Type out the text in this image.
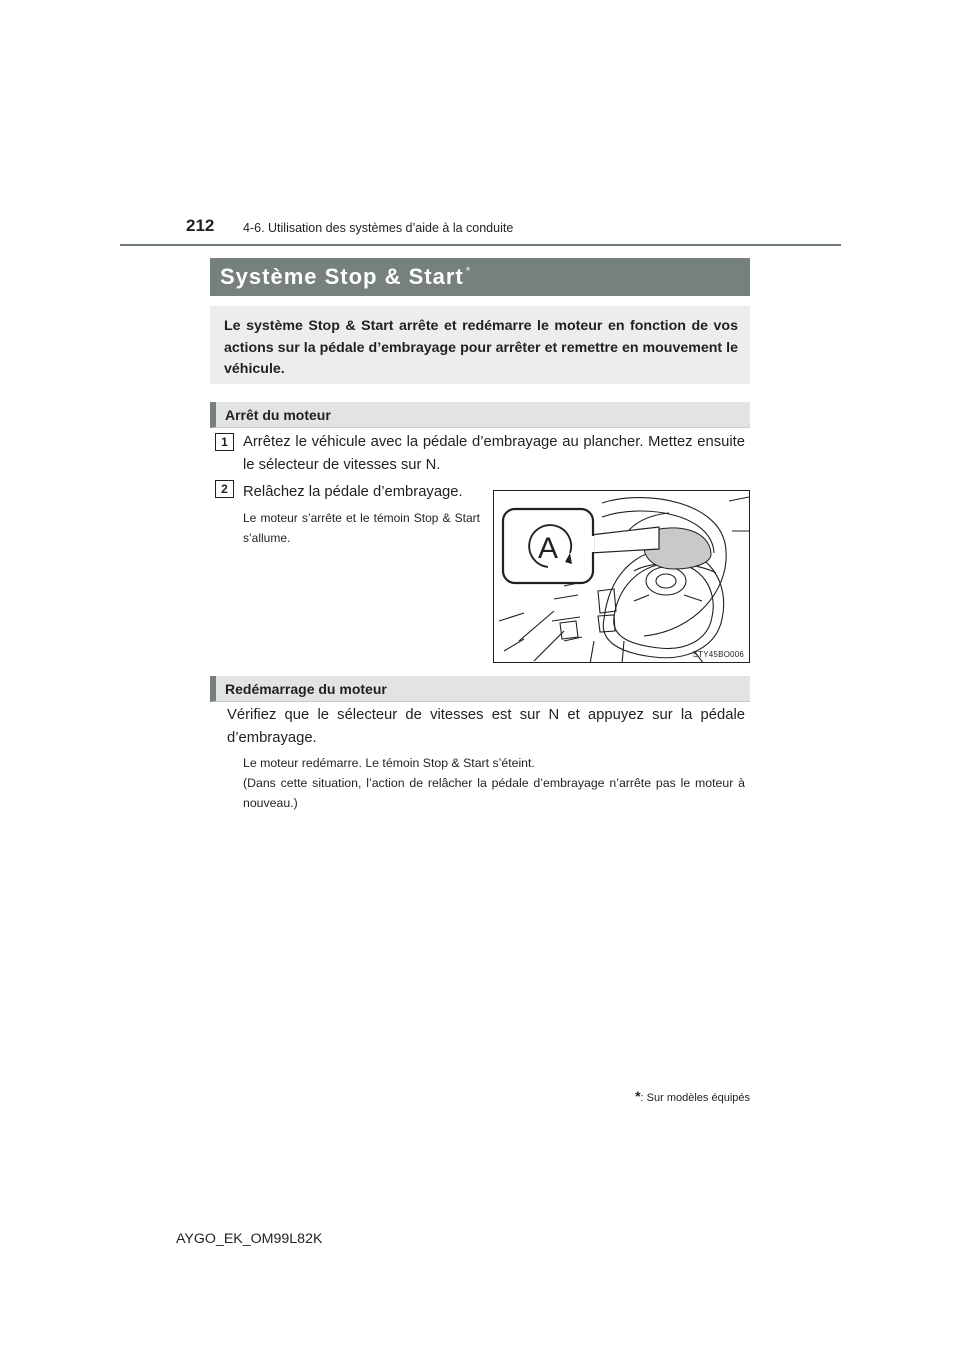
212 4-6. Utilisation des systèmes d’aide à la conduite
Système Stop & Start *
Le système Stop & Start arrête et redémarre le moteur en fonction de vos actions sur la pédale d’embrayage pour arrêter et remettre en mouvement le véhicule.
Arrêt du moteur
1	Arrêtez le véhicule avec la pédale d’embrayage au plancher. Mettez ensuite le sélecteur de vitesses sur N.
2	Relâchez la pédale d’embrayage.
Le moteur s’arrête et le témoin Stop & Start s’allume.	A
STY45BO006
Redémarrage du moteur
Vérifiez que le sélecteur de vitesses est sur N et appuyez sur la pédale d’embrayage.
Le moteur redémarre. Le témoin Stop & Start s’éteint.
(Dans cette situation, l’action de relâcher la pédale d’embrayage n’arrête pas le moteur à nouveau.)
*: Sur modèles équipés
AYGO_EK_OM99L82K
